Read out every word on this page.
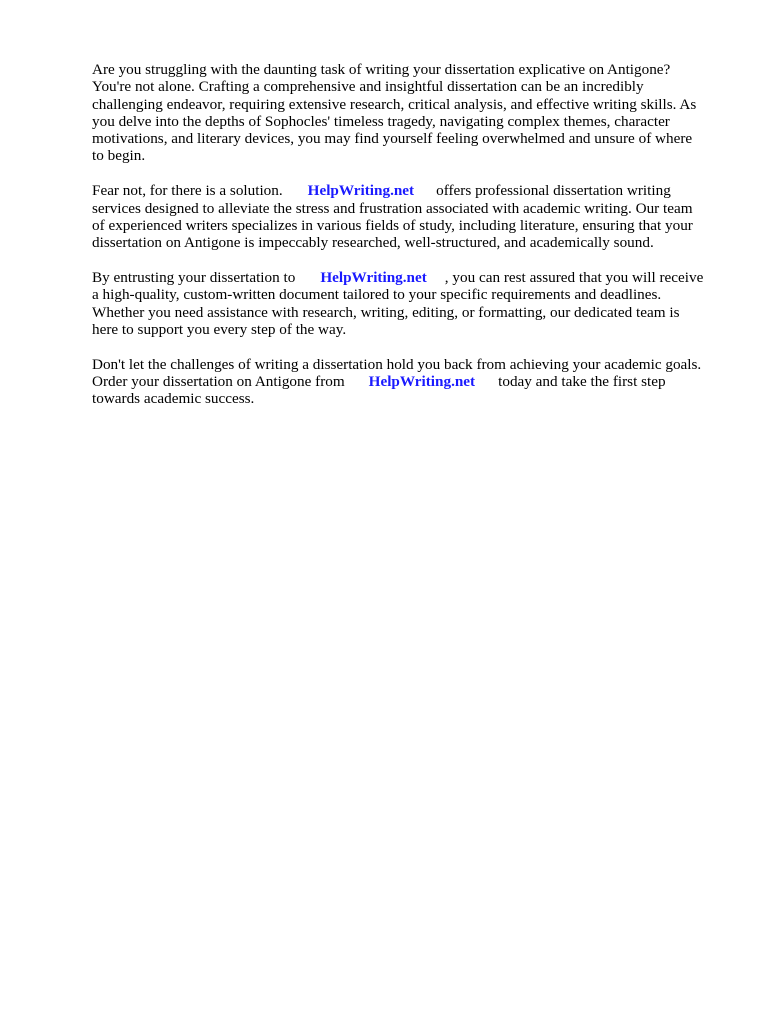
Are you struggling with the daunting task of writing your dissertation explicative on Antigone?
You're not alone. Crafting a comprehensive and insightful dissertation can be an incredibly
challenging endeavor, requiring extensive research, critical analysis, and effective writing skills. As
you delve into the depths of Sophocles' timeless tragedy, navigating complex themes, character
motivations, and literary devices, you may find yourself feeling overwhelmed and unsure of where
to begin.

Fear not, for there is a solution. HelpWriting.net offers professional dissertation writing
services designed to alleviate the stress and frustration associated with academic writing. Our team
of experienced writers specializes in various fields of study, including literature, ensuring that your
dissertation on Antigone is impeccably researched, well-structured, and academically sound.

By entrusting your dissertation to HelpWriting.net , you can rest assured that you will receive
a high-quality, custom-written document tailored to your specific requirements and deadlines.
Whether you need assistance with research, writing, editing, or formatting, our dedicated team is
here to support you every step of the way.

Don't let the challenges of writing a dissertation hold you back from achieving your academic goals.
Order your dissertation on Antigone from HelpWriting.net today and take the first step
towards academic success.
